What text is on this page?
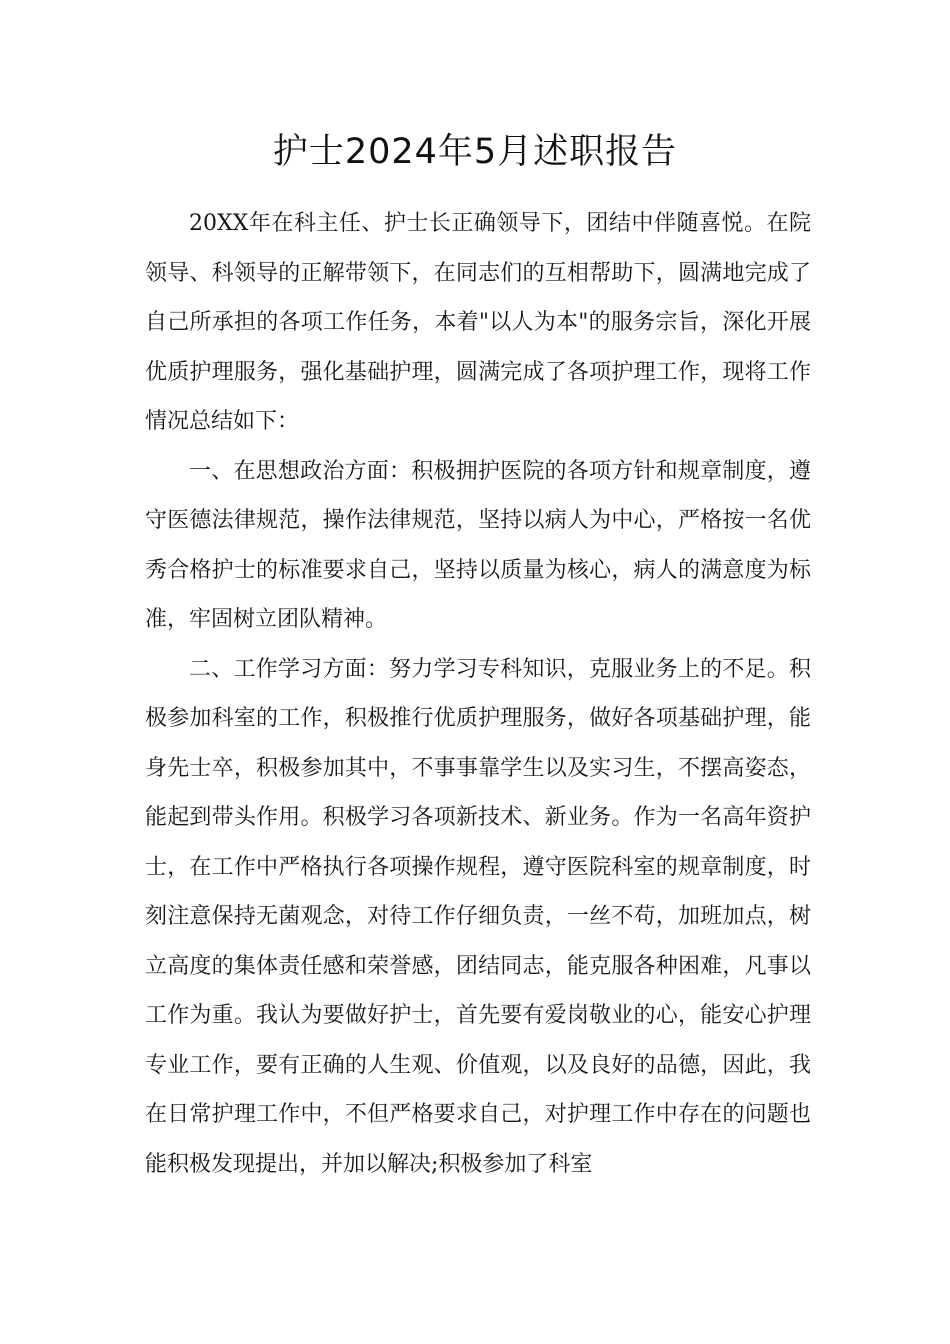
护士2024年5月述职报告

20XX年在科主任、护士长正确领导下，团结中伴随喜悦。在院领导、科领导的正解带领下，在同志们的互相帮助下，圆满地完成了自己所承担的各项工作任务，本着"以人为本"的服务宗旨，深化开展优质护理服务，强化基础护理，圆满完成了各项护理工作，现将工作情况总结如下：

一、在思想政治方面：积极拥护医院的各项方针和规章制度，遵守医德法律规范，操作法律规范，坚持以病人为中心，严格按一名优秀合格护士的标准要求自己，坚持以质量为核心，病人的满意度为标准，牢固树立团队精神。

二、工作学习方面：努力学习专科知识，克服业务上的不足。积极参加科室的工作，积极推行优质护理服务，做好各项基础护理，能身先士卒，积极参加其中，不事事靠学生以及实习生，不摆高姿态，能起到带头作用。积极学习各项新技术、新业务。作为一名高年资护士，在工作中严格执行各项操作规程，遵守医院科室的规章制度，时刻注意保持无菌观念，对待工作仔细负责，一丝不苟，加班加点，树立高度的集体责任感和荣誉感，团结同志，能克服各种困难，凡事以工作为重。我认为要做好护士，首先要有爱岗敬业的心，能安心护理专业工作，要有正确的人生观、价值观，以及良好的品德，因此，我在日常护理工作中，不但严格要求自己，对护理工作中存在的问题也能积极发现提出，并加以解决;积极参加了科室
